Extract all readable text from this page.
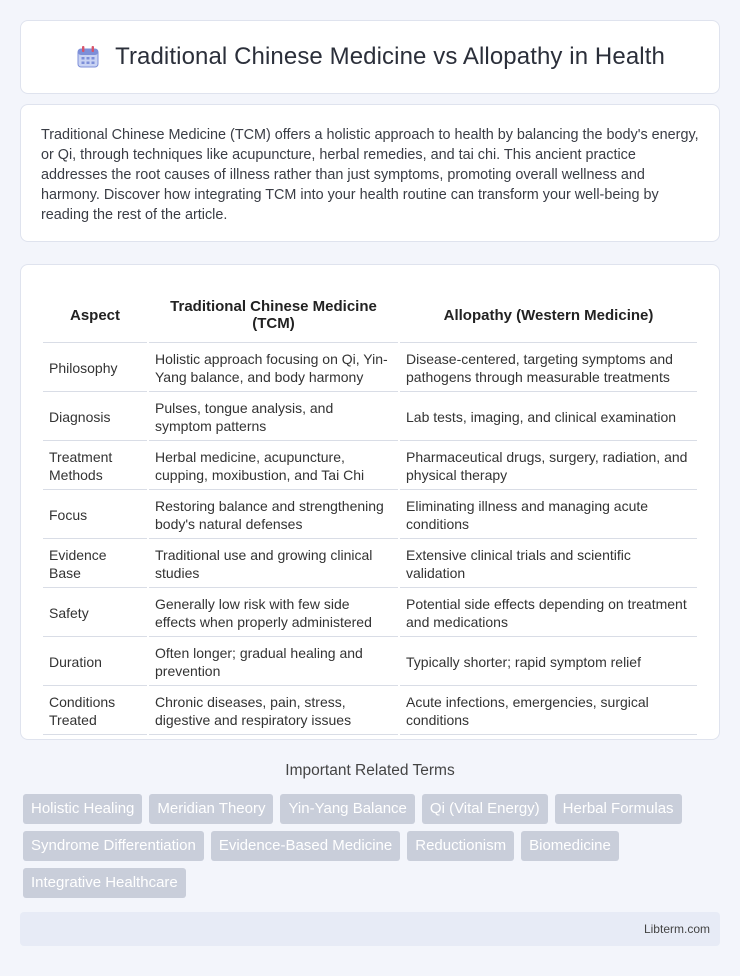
Traditional Chinese Medicine vs Allopathy in Health

Traditional Chinese Medicine (TCM) offers a holistic approach to health by balancing the body's energy, or Qi, through techniques like acupuncture, herbal remedies, and tai chi. This ancient practice addresses the root causes of illness rather than just symptoms, promoting overall wellness and harmony. Discover how integrating TCM into your health routine can transform your well-being by reading the rest of the article.

Aspect	Traditional Chinese Medicine (TCM)	Allopathy (Western Medicine)
Philosophy	Holistic approach focusing on Qi, Yin-Yang balance, and body harmony	Disease-centered, targeting symptoms and pathogens through measurable treatments
Diagnosis	Pulses, tongue analysis, and symptom patterns	Lab tests, imaging, and clinical examination
Treatment Methods	Herbal medicine, acupuncture, cupping, moxibustion, and Tai Chi	Pharmaceutical drugs, surgery, radiation, and physical therapy
Focus	Restoring balance and strengthening body's natural defenses	Eliminating illness and managing acute conditions
Evidence Base	Traditional use and growing clinical studies	Extensive clinical trials and scientific validation
Safety	Generally low risk with few side effects when properly administered	Potential side effects depending on treatment and medications
Duration	Often longer; gradual healing and prevention	Typically shorter; rapid symptom relief
Conditions Treated	Chronic diseases, pain, stress, digestive and respiratory issues	Acute infections, emergencies, surgical conditions
Important Related Terms
Holistic Healing	Meridian Theory	Yin-Yang Balance	Qi (Vital Energy)	Herbal Formulas
Syndrome Differentiation	Evidence-Based Medicine	Reductionism	Biomedicine
Integrative Healthcare
Libterm.com
